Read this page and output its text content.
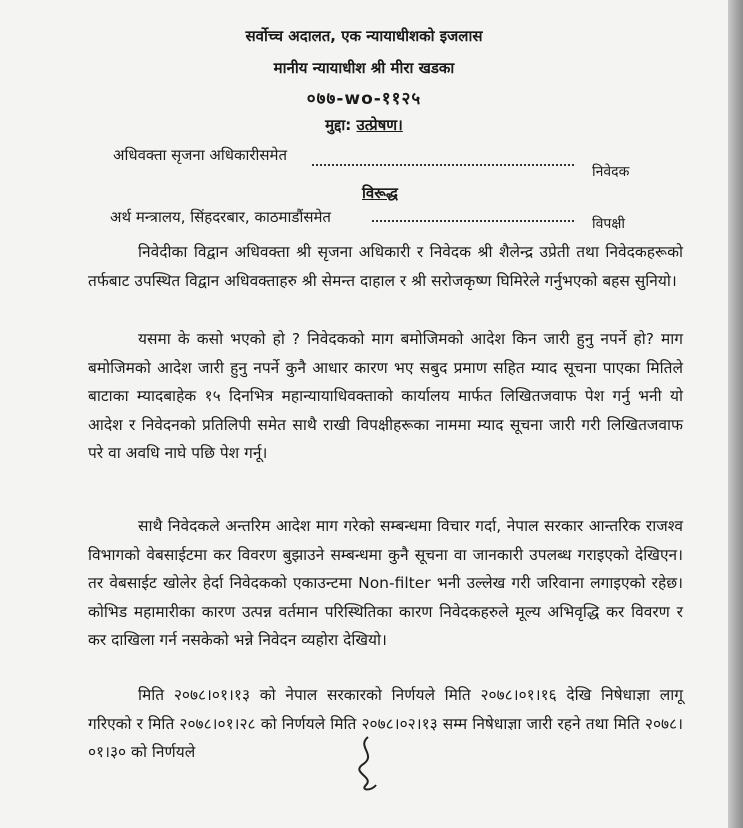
सर्वोच्च अदालत, एक न्यायाधीशको इजलास
मानीय न्यायाधीश श्री मीरा खडका
०७७-wo-११२५
मुद्दा: उत्प्रेषण।
अधिवक्ता सृजना अधिकारीसमेत
निवेदक
विरूद्ध
अर्थ मन्त्रालय, सिंहदरबार, काठमाडौंसमेत	विपक्षी
निवेदीका विद्वान अधिवक्ता श्री सृजना अधिकारी र निवेदक श्री शैलेन्द्र उप्रेती तथा निवेदकहरूको तर्फबाट उपस्थित विद्वान अधिवक्ताहरु श्री सेमन्त दाहाल र श्री सरोजकृष्ण घिमिरेले गर्नुभएको बहस सुनियो।
यसमा के कसो भएको हो ? निवेदकको माग बमोजिमको आदेश किन जारी हुनु नपर्ने हो? माग बमोजिमको आदेश जारी हुनु नपर्ने कुनै आधार कारण भए सबुद प्रमाण सहित म्याद सूचना पाएका मितिले बाटाका म्यादबाहेक १५ दिनभित्र महान्यायाधिवक्ताको कार्यालय मार्फत लिखितजवाफ पेश गर्नु भनी यो आदेश र निवेदनको प्रतिलिपी समेत साथै राखी विपक्षीहरूका नाममा म्याद सूचना जारी गरी लिखितजवाफ परे वा अवधि नाघे पछि पेश गर्नू।
साथै निवेदकले अन्तरिम आदेश माग गरेको सम्बन्धमा विचार गर्दा, नेपाल सरकार आन्तरिक राजश्व विभागको वेबसाईटमा कर विवरण बुझाउने सम्बन्धमा कुनै सूचना वा जानकारी उपलब्ध गराइएको देखिएन। तर वेबसाईट खोलेर हेर्दा निवेदकको एकाउन्टमा Non-filter भनी उल्लेख गरी जरिवाना लगाइएको रहेछ। कोभिड महामारीका कारण उत्पन्न वर्तमान परिस्थितिका कारण निवेदकहरुले मूल्य अभिवृद्धि कर विवरण र कर दाखिला गर्न नसकेको भन्ने निवेदन व्यहोरा देखियो।
मिति २०७८।०१।१३ को नेपाल सरकारको निर्णयले मिति २०७८।०१।१६ देखि निषेधाज्ञा लागू गरिएको र मिति २०७८।०१।२८ को निर्णयले मिति २०७८।०२।१३ सम्म निषेधाज्ञा जारी रहने तथा मिति २०७८।०१।३० को निर्णयले
